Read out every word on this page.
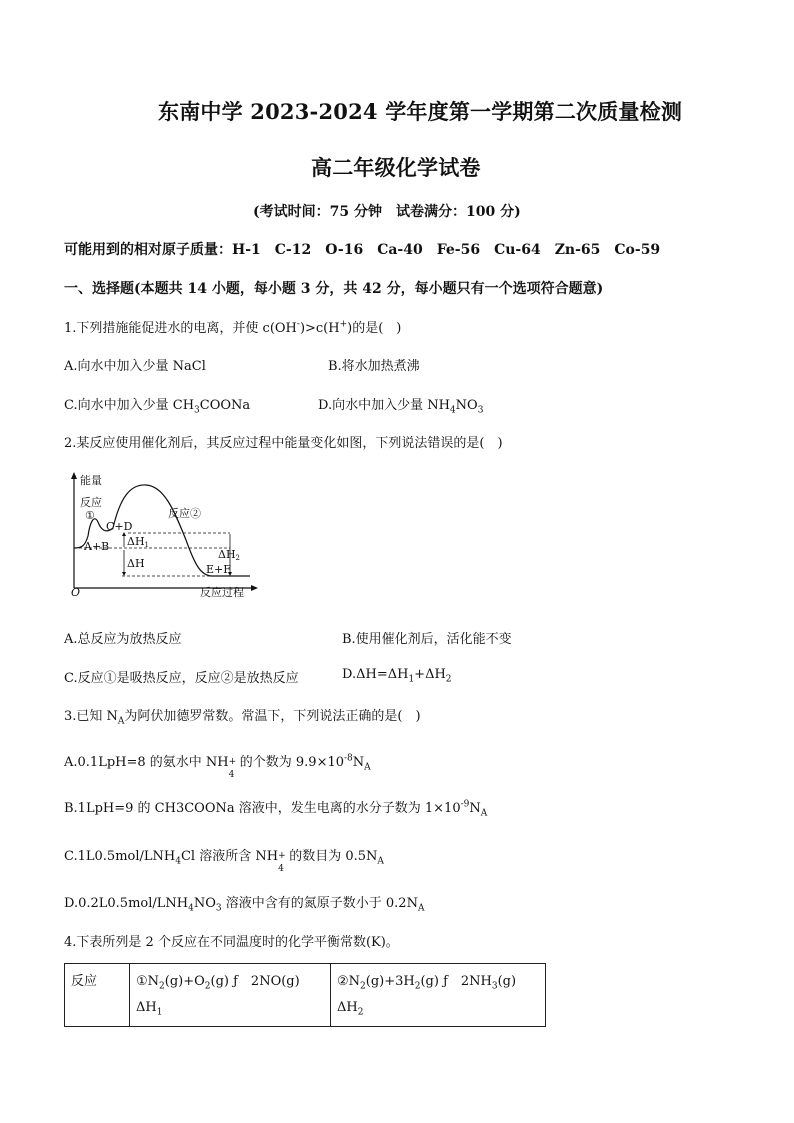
东南中学 2023-2024 学年度第一学期第二次质量检测
高二年级化学试卷
(考试时间：75 分钟　试卷满分：100 分)
可能用到的相对原子质量：H-1　C-12　O-16　Ca-40　Fe-56　Cu-64　Zn-65　Co-59
一、选择题(本题共 14 小题，每小题 3 分，共 42 分，每小题只有一个选项符合题意)
1.下列措施能促进水的电离，并使 c(OH-)>c(H+)的是(　)
A.向水中加入少量 NaCl	B.将水加热煮沸
C.向水中加入少量 $CH_3COONa$	D.向水中加入少量 $NH_4NO_3$
2.某反应使用催化剂后，其反应过程中能量变化如图，下列说法错误的是(　)
能量
反应过程
O
反应
①	反应②
A+B
C+D
E+F
ΔH1
ΔH
ΔH2
A.总反应为放热反应	B.使用催化剂后，活化能不变
C.反应①是吸热反应，反应②是放热反应	$D.\Delta H=\Delta H_1+\Delta H_2$
3.已知 $N_A$为阿伏加德罗常数。常温下，下列说法正确的是(　)
A.0.1LpH=8 的氨水中 NH +
4
的个数为 $9.9\times 10^{-8}N_A$
B.1LpH=9 的 CH3COONa 溶液中，发生电离的水分子数为 $1\times 10^{-9}N_A$
$C.1L0.5mol/LNH_4Cl$ 溶液所含 NH +
4
的数目为 $0.5N_A$
$D.0.2L0.5mol/LNH_4NO_3$ 溶液中含有的氮原子数小于 $0.2N_A$
4.下表所列是 2 个反应在不同温度时的化学平衡常数(K)。
反应	$①N_2(g)+O_2(g)$ ƒ　2NO(g)
$\Delta H_1$

$②N_2(g)+3H_2(g)$ ƒ　$2NH_3(g)$
$\Delta H_2$
